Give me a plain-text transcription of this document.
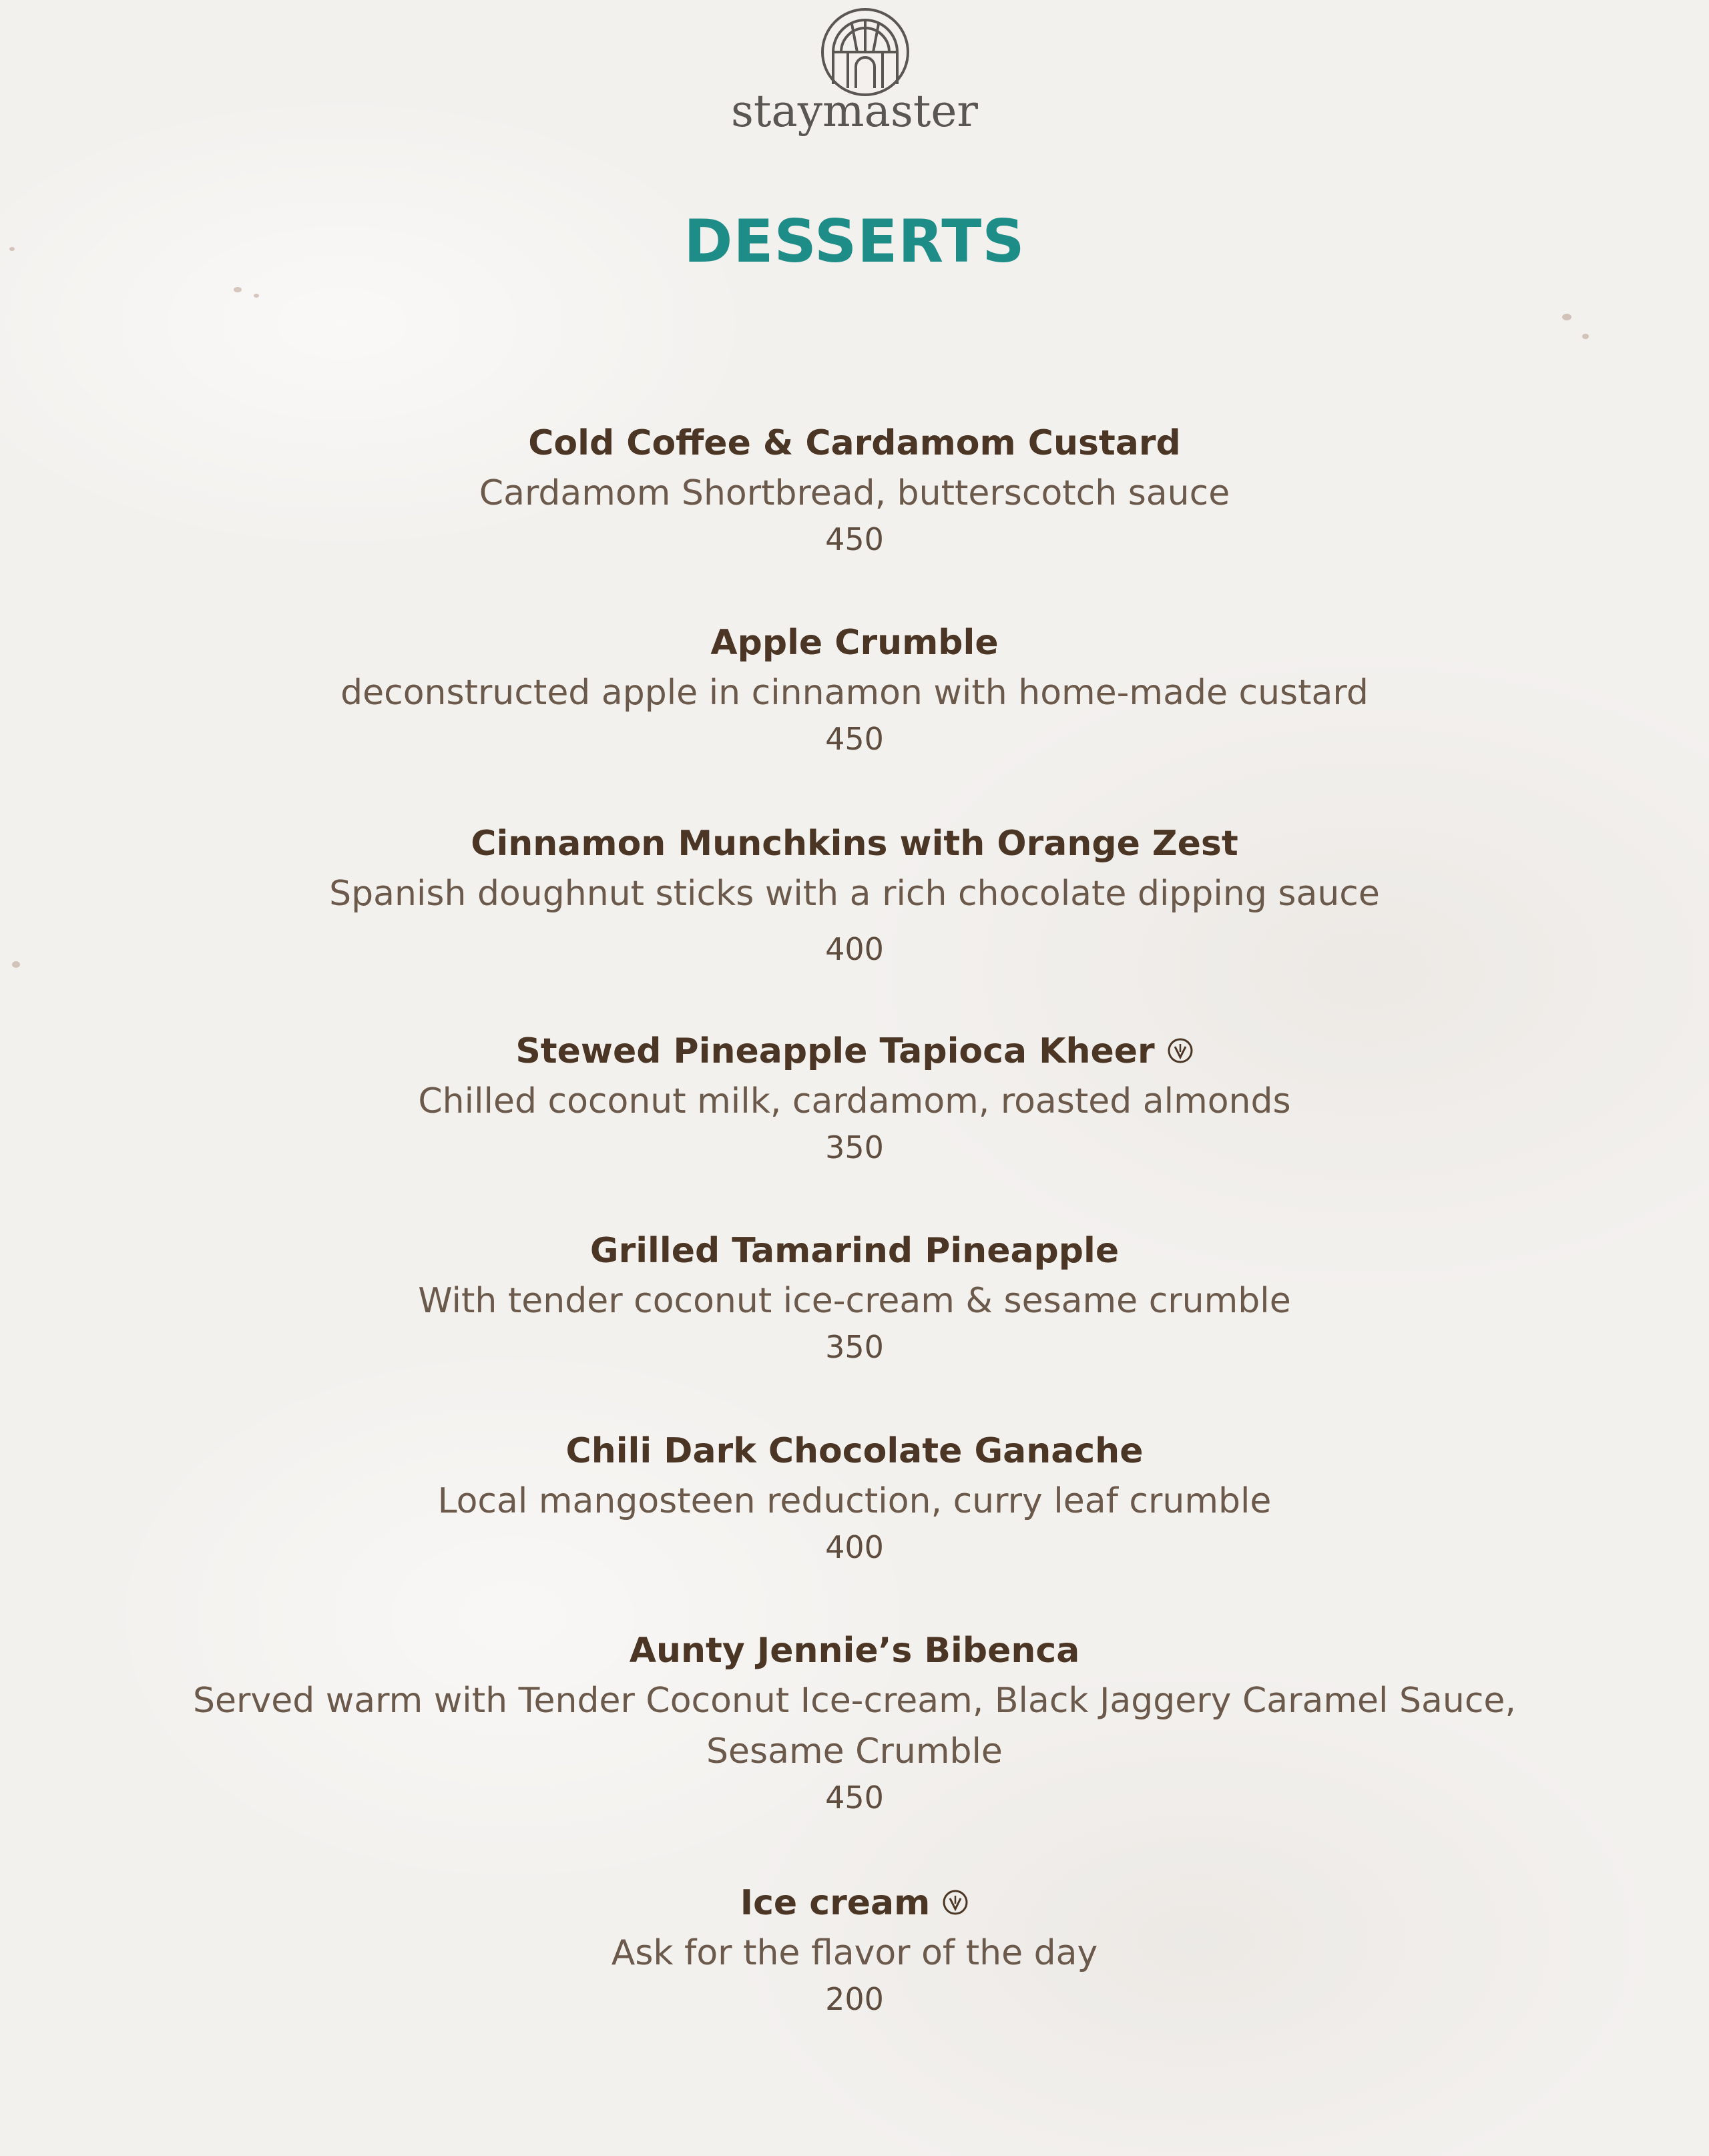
staymaster
DESSERTS
Cold Coffee & Cardamom Custard
Cardamom Shortbread, butterscotch sauce
450
Apple Crumble
deconstructed apple in cinnamon with home-made custard
450
Cinnamon Munchkins with Orange Zest
Spanish doughnut sticks with a rich chocolate dipping sauce
400
Stewed Pineapple Tapioca Kheer
Chilled coconut milk, cardamom, roasted almonds
350
Grilled Tamarind Pineapple
With tender coconut ice-cream & sesame crumble
350
Chili Dark Chocolate Ganache
Local mangosteen reduction, curry leaf crumble
400
Aunty Jennie’s Bibenca
Served warm with Tender Coconut Ice-cream, Black Jaggery Caramel Sauce, Sesame Crumble
450
Ice cream
Ask for the flavor of the day
200
